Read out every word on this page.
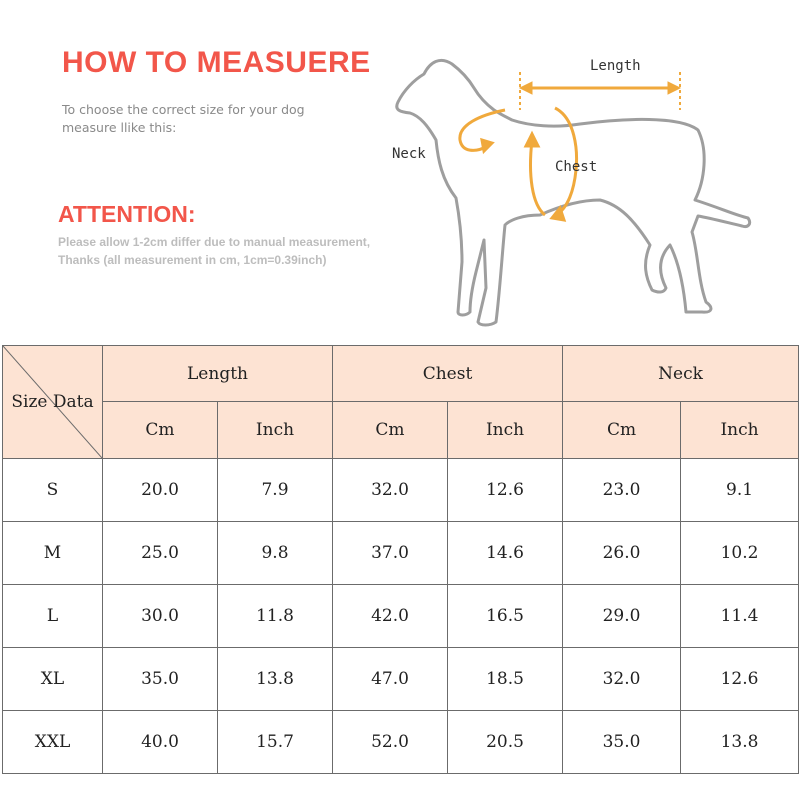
HOW TO MEASUERE
To choose the correct size for your dog
measure llike this:
ATTENTION:
Please allow 1-2cm differ due to manual measurement,
Thanks (all measurement in cm, 1cm=0.39inch)
Length
Neck
Chest
Size Data	Length		Chest		Neck	
	Cm	Inch	Cm	Inch	Cm	Inch
S	20.0	7.9	32.0	12.6	23.0	9.1
M	25.0	9.8	37.0	14.6	26.0	10.2
L	30.0	11.8	42.0	16.5	29.0	11.4
XL	35.0	13.8	47.0	18.5	32.0	12.6
XXL	40.0	15.7	52.0	20.5	35.0	13.8
